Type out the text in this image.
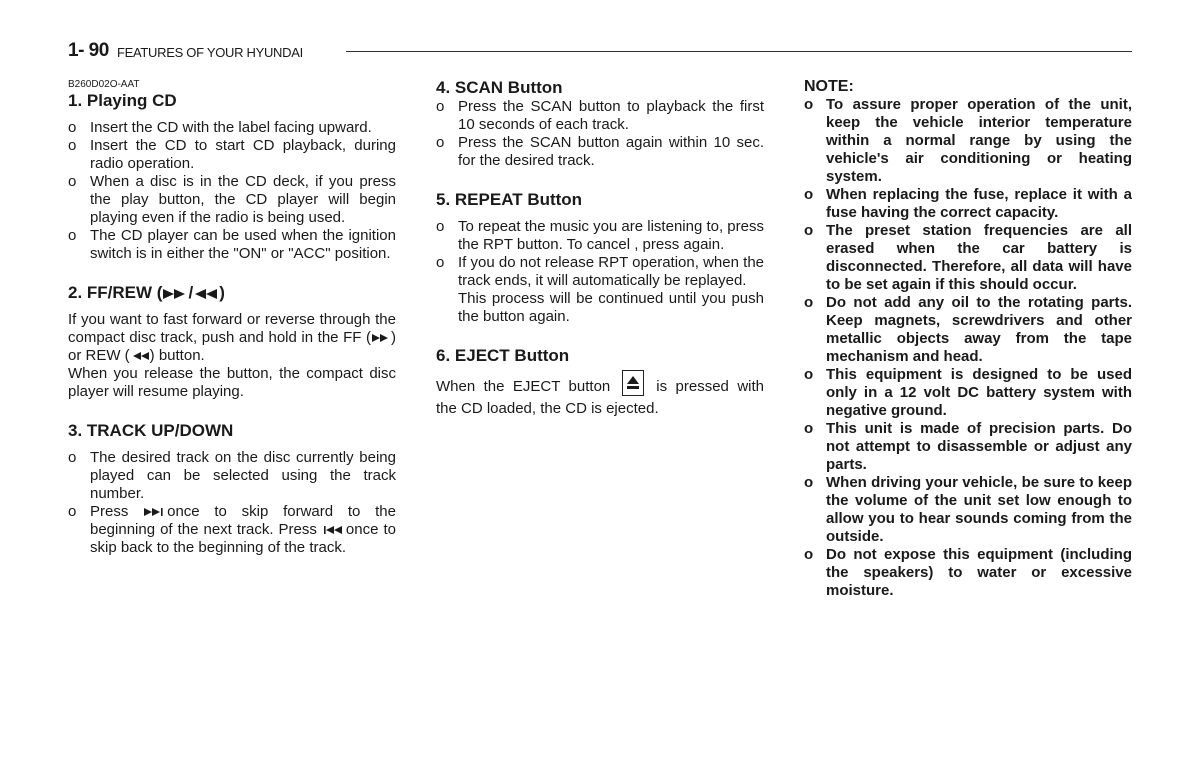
1- 90 FEATURES OF YOUR HYUNDAI
B260D02O-AAT
1. Playing CD
o Insert the CD with the label facing upward.
o Insert the CD to start CD playback, during radio operation.
o When a disc is in the CD deck, if you press the play button, the CD player will begin playing even if the radio is being used.
o The CD player can be used when the ignition switch is in either the "ON" or "ACC" position.
2. FF/REW ( / )
If you want to fast forward or reverse through the compact disc track, push and hold in the FF ( ) or REW ( ) button.
When you release the button, the compact disc player will resume playing.
3. TRACK UP/DOWN
o The desired track on the disc currently being played can be selected using the track number.
o Press	once to skip forward to the beginning of the next track. Press once to skip back to the beginning of the track.
4. SCAN Button
o Press the SCAN button to playback the first 10 seconds of each track.
o Press the SCAN button again within 10 sec. for the desired track.
5. REPEAT Button
o To repeat the music you are listening to, press the RPT button. To cancel , press again.
o If you do not release RPT operation, when the track ends, it will automatically be replayed.
This process will be continued until you push the button again.
6. EJECT Button
When the EJECT button	is pressed with the CD loaded, the CD is ejected.
NOTE:
o To assure proper operation of the unit, keep the vehicle interior temperature within a normal range by using the vehicle's air conditioning or heating system.
o When replacing the fuse, replace it with a fuse having the correct capacity.
o The preset station frequencies are all erased when the car battery is disconnected. Therefore, all data will have to be set again if this should occur.
o Do not add any oil to the rotating parts. Keep magnets, screwdrivers and other metallic objects away from the tape mechanism and head.
o This equipment is designed to be used only in a 12 volt DC battery system with negative ground.
o This unit is made of precision parts. Do not attempt to disassemble or adjust any parts.
o When driving your vehicle, be sure to keep the volume of the unit set low enough to allow you to hear sounds coming from the outside.
o Do not expose this equipment (including the speakers) to water or excessive moisture.
